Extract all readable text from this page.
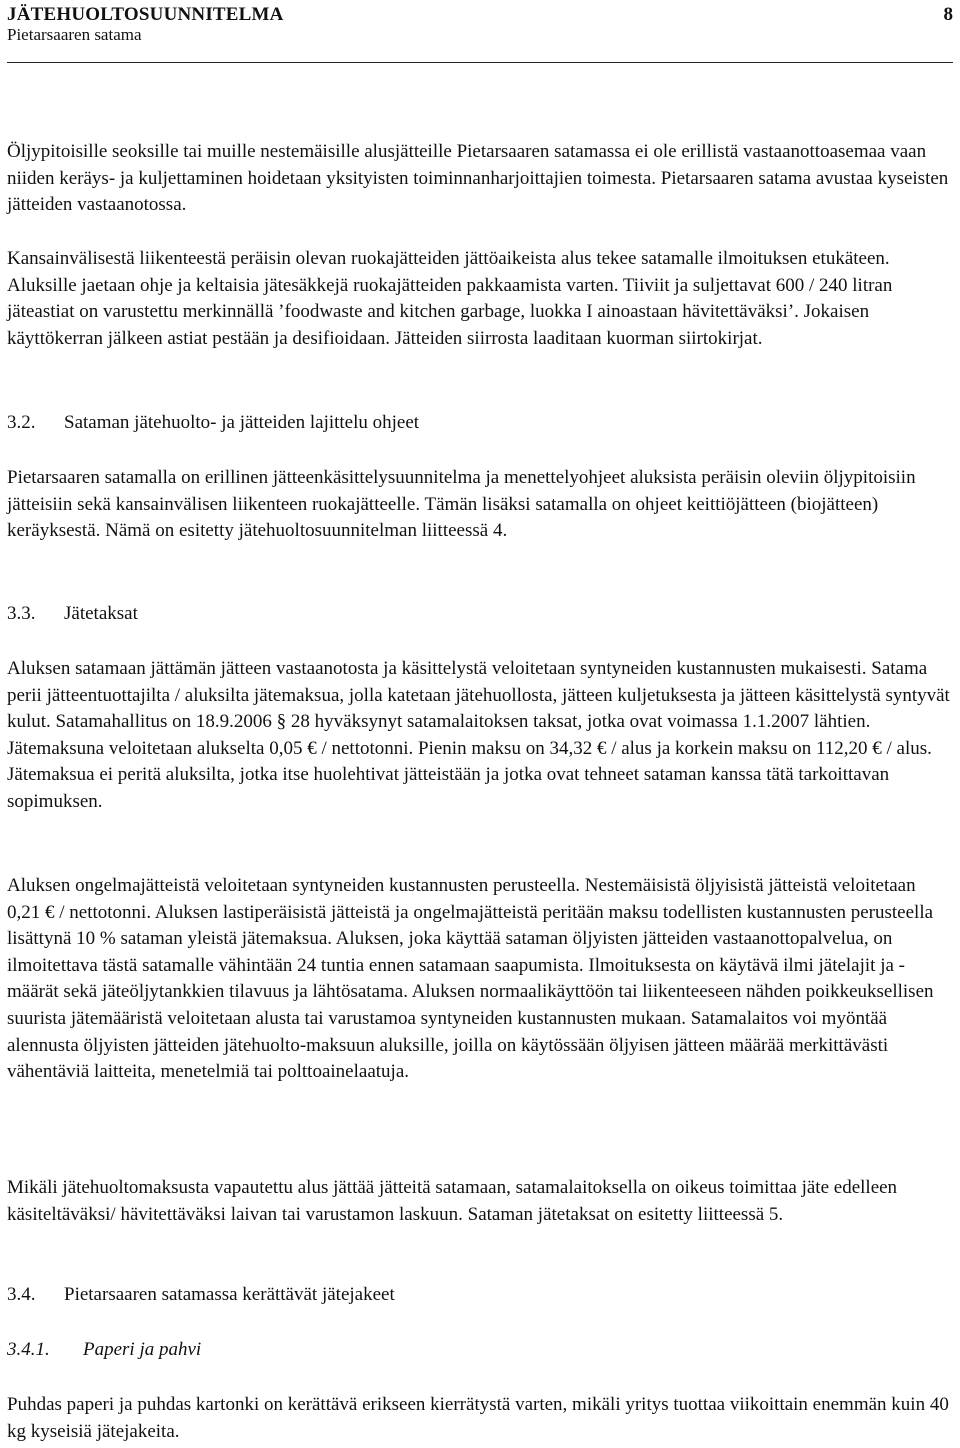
JÄTEHUOLTOSUUNNITELMA	8
Pietarsaaren satama

Öljypitoisille seoksille tai muille nestemäisille alusjätteille Pietarsaaren satamassa ei ole erillistä vastaanottoasemaa vaan niiden keräys- ja kuljettaminen hoidetaan yksityisten toiminnanharjoittajien toimesta. Pietarsaaren satama avustaa kyseisten jätteiden vastaanotossa.

Kansainvälisestä liikenteestä peräisin olevan ruokajätteiden jättöaikeista alus tekee satamalle ilmoituksen etukäteen. Aluksille jaetaan ohje ja keltaisia jätesäkkejä ruokajätteiden pakkaamista varten. Tiiviit ja suljettavat 600 / 240 litran jäteastiat on varustettu merkinnällä ’foodwaste and kitchen garbage, luokka I ainoastaan hävitettäväksi’. Jokaisen käyttökerran jälkeen astiat pestään ja desifioidaan. Jätteiden siirrosta laaditaan kuorman siirtokirjat.

3.2. Sataman jätehuolto- ja jätteiden lajittelu ohjeet

Pietarsaaren satamalla on erillinen jätteenkäsittelysuunnitelma ja menettelyohjeet aluksista peräisin oleviin öljypitoisiin jätteisiin sekä kansainvälisen liikenteen ruokajätteelle. Tämän lisäksi satamalla on ohjeet keittiöjätteen (biojätteen) keräyksestä. Nämä on esitetty jätehuoltosuunnitelman liitteessä 4.

3.3. Jätetaksat

Aluksen satamaan jättämän jätteen vastaanotosta ja käsittelystä veloitetaan syntyneiden kustannusten mukaisesti. Satama perii jätteentuottajilta / aluksilta jätemaksua, jolla katetaan jätehuollosta, jätteen kuljetuksesta ja jätteen käsittelystä syntyvät kulut. Satamahallitus on 18.9.2006 § 28 hyväksynyt satamalaitoksen taksat, jotka ovat voimassa 1.1.2007 lähtien. Jätemaksuna veloitetaan alukselta 0,05 € / nettotonni. Pienin maksu on 34,32 € / alus ja korkein maksu on 112,20 € / alus. Jätemaksua ei peritä aluksilta, jotka itse huolehtivat jätteistään ja jotka ovat tehneet sataman kanssa tätä tarkoittavan sopimuksen.

Aluksen ongelmajätteistä veloitetaan syntyneiden kustannusten perusteella. Nestemäisistä öljyisistä jätteistä veloitetaan 0,21 € / nettotonni. Aluksen lastiperäisistä jätteistä ja ongelmajätteistä peritään maksu todellisten kustannusten perusteella lisättynä 10 % sataman yleistä jätemaksua. Aluksen, joka käyttää sataman öljyisten jätteiden vastaanottopalvelua, on ilmoitettava tästä satamalle vähintään 24 tuntia ennen satamaan saapumista. Ilmoituksesta on käytävä ilmi jätelajit ja -määrät sekä jäteöljytankkien tilavuus ja lähtösatama. Aluksen normaalikäyttöön tai liikenteeseen nähden poikkeuksellisen suurista jätemääristä veloitetaan alusta tai varustamoa syntyneiden kustannusten mukaan. Satamalaitos voi myöntää alennusta öljyisten jätteiden jätehuolto-maksuun aluksille, joilla on käytössään öljyisen jätteen määrää merkittävästi vähentäviä laitteita, menetelmiä tai polttoainelaatuja.

Mikäli jätehuoltomaksusta vapautettu alus jättää jätteitä satamaan, satamalaitoksella on oikeus toimittaa jäte edelleen käsiteltäväksi/ hävitettäväksi laivan tai varustamon laskuun. Sataman jätetaksat on esitetty liitteessä 5.

3.4. Pietarsaaren satamassa kerättävät jätejakeet
3.4.1. Paperi ja pahvi

Puhdas paperi ja puhdas kartonki on kerättävä erikseen kierrätystä varten, mikäli yritys tuottaa viikoittain enemmän kuin 40 kg kyseisiä jätejakeita.
